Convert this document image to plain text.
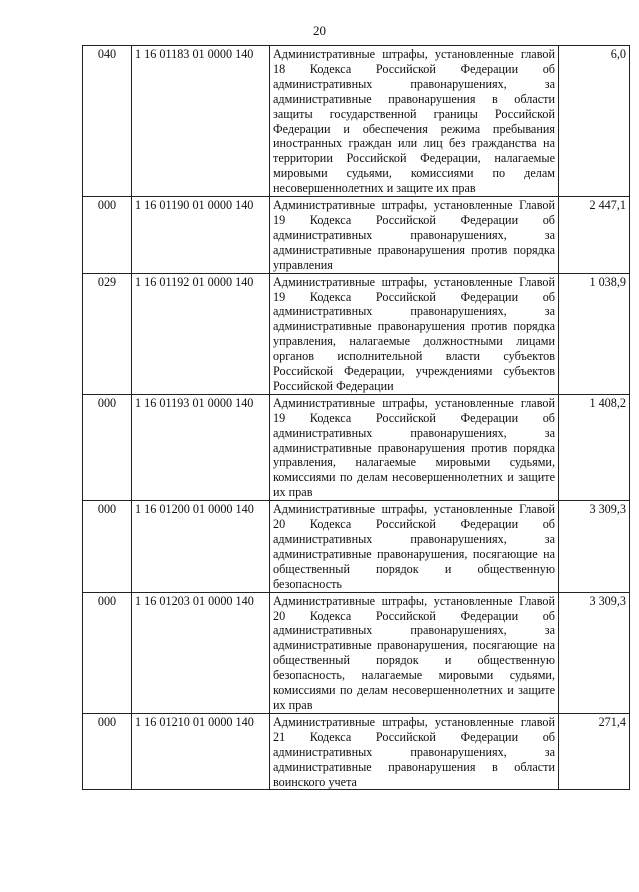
20
040	1 16 01183 01 0000 140	Административные штрафы, установленные главой 18 Кодекса Российской Федерации об административных правонарушениях, за административные правонарушения в области защиты государственной границы Российской Федерации и обеспечения режима пребывания иностранных граждан или лиц без гражданства на территории Российской Федерации, налагаемые мировыми судьями, комиссиями по делам несовершеннолетних и защите их прав	6,0
000	1 16 01190 01 0000 140	Административные штрафы, установленные Главой 19 Кодекса Российской Федерации об административных правонарушениях, за административные правонарушения против порядка управления	2 447,1
029	1 16 01192 01 0000 140	Административные штрафы, установленные Главой 19 Кодекса Российской Федерации об административных правонарушениях, за административные правонарушения против порядка управления, налагаемые должностными лицами органов исполнительной власти субъектов Российской Федерации, учреждениями субъектов Российской Федерации	1 038,9
000	1 16 01193 01 0000 140	Административные штрафы, установленные главой 19 Кодекса Российской Федерации об административных правонарушениях, за административные правонарушения против порядка управления, налагаемые мировыми судьями, комиссиями по делам несовершеннолетних и защите их прав	1 408,2
000	1 16 01200 01 0000 140	Административные штрафы, установленные Главой 20 Кодекса Российской Федерации об административных правонарушениях, за административные правонарушения, посягающие на общественный порядок и общественную безопасность	3 309,3
000	1 16 01203 01 0000 140	Административные штрафы, установленные Главой 20 Кодекса Российской Федерации об административных правонарушениях, за административные правонарушения, посягающие на общественный порядок и общественную безопасность, налагаемые мировыми судьями, комиссиями по делам несовершеннолетних и защите их прав	3 309,3
000	1 16 01210 01 0000 140	Административные штрафы, установленные главой 21 Кодекса Российской Федерации об административных правонарушениях, за административные правонарушения в области воинского учета	271,4
